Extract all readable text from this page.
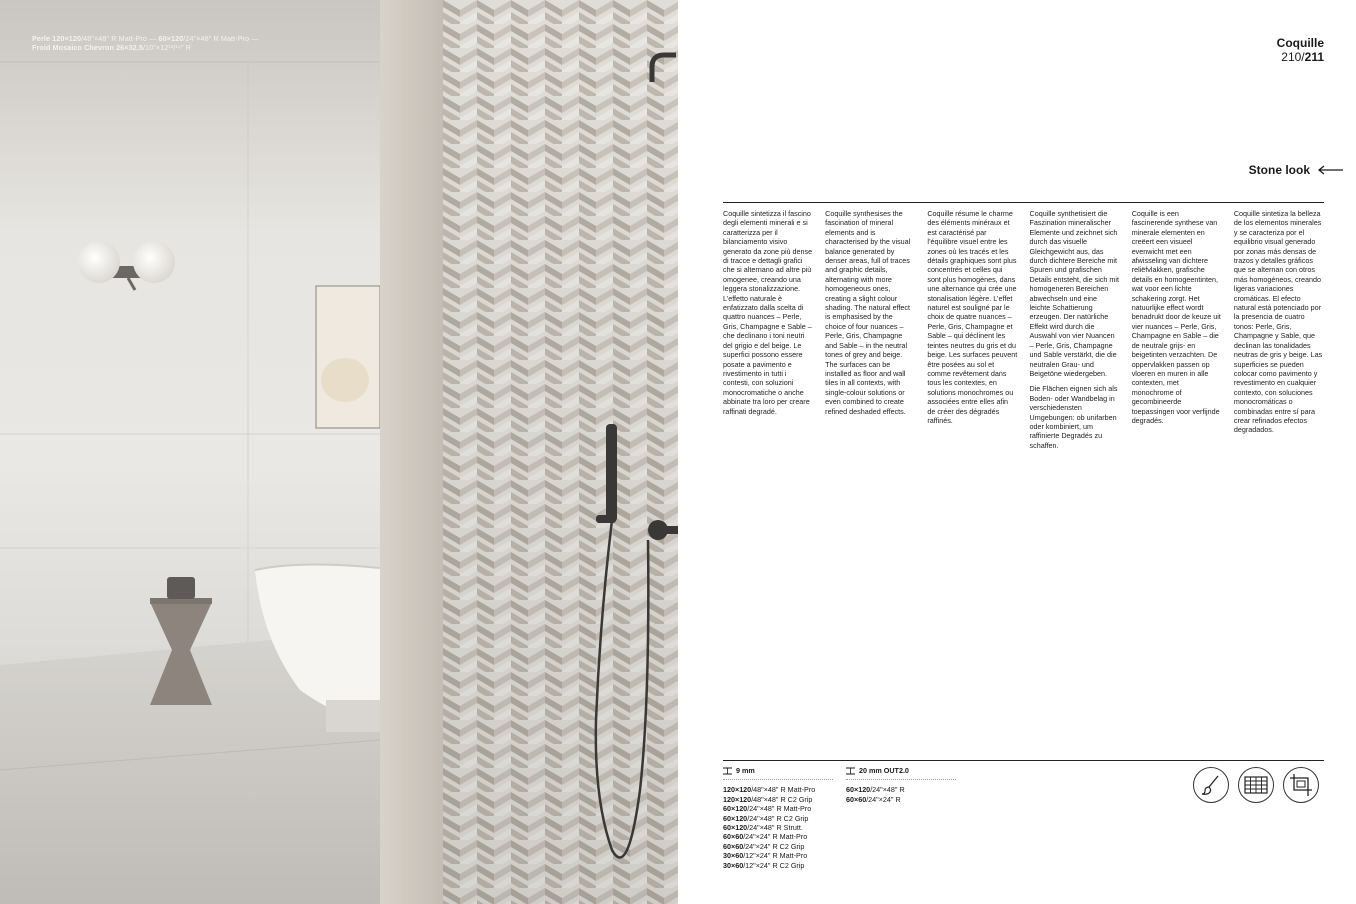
Perle 120×120/48"×48" R Matt-Pro — 60×120/24"×48" R Matt-Pro —
Froid Mosaico Chevron 26×32,5/10"×12¹³/¹⁶" R	Coquille
210/211
Stone look

Coquille sintetizza il fascino degli elementi minerali e si caratterizza per il bilanciamento visivo generato da zone più dense di tracce e dettagli grafici che si alternano ad altre più omogenee, creando una leggera stonalizzazione. L’effetto naturale è enfatizzato dalla scelta di quattro nuances – Perle, Gris, Champagne e Sable – che declinano i toni neutri del grigio e del beige. Le superfici possono essere posate a pavimento e rivestimento in tutti i contesti, con soluzioni monocromatiche o anche abbinate tra loro per creare raffinati degradé.

Coquille synthesises the fascination of mineral elements and is characterised by the visual balance generated by denser areas, full of traces and graphic details, alternating with more homogeneous ones, creating a slight colour shading. The natural effect is emphasised by the choice of four nuances – Perle, Gris, Champagne and Sable – in the neutral tones of grey and beige. The surfaces can be installed as floor and wall tiles in all contexts, with single-colour solutions or even combined to create refined deshaded effects.

Coquille résume le charme des éléments minéraux et est caractérisé par l’équilibre visuel entre les zones où les tracés et les détails graphiques sont plus concentrés et celles qui sont plus homogènes, dans une alternance qui crée une stonalisation légère. L’effet naturel est souligné par le choix de quatre nuances – Perle, Gris, Champagne et Sable – qui déclinent les teintes neutres du gris et du beige. Les surfaces peuvent être posées au sol et comme revêtement dans tous les contextes, en solutions monochromes ou associées entre elles afin de créer des dégradés raffinés.

Coquille synthetisiert die Faszination mineralischer Elemente und zeichnet sich durch das visuelle Gleichgewicht aus, das durch dichtere Bereiche mit Spuren und grafischen Details entsteht, die sich mit homogeneren Bereichen abwechseln und eine leichte Schattierung erzeugen. Der natürliche Effekt wird durch die Auswahl von vier Nuancen – Perle, Gris, Champagne und Sable verstärkt, die die neutralen Grau- und Beigetöne wiedergeben.

Die Flächen eignen sich als Boden- oder Wandbelag in verschiedensten Umgebungen: ob unifarben oder kombiniert, um raffinierte Degradés zu schaffen.

Coquille is een fascinerende synthese van minerale elementen en creëert een visueel evenwicht met een afwisseling van dichtere reliëfvlakken, grafische details en homogeentinten, wat voor een lichte schakering zorgt. Het natuurlijke effect wordt benadrukt door de keuze uit vier nuances – Perle, Gris, Champagne en Sable – die de neutrale grijs- en beigetinten verzachten. De oppervlakken passen op vloeren en muren in alle contexten, met monochrome of gecombineerde toepassingen voor verfijnde degradés.

Coquille sintetiza la belleza de los elementos minerales y se caracteriza por el equilibrio visual generado por zonas más densas de trazos y detalles gráficos que se alternan con otros más homogéneos, creando ligeras variaciones cromáticas. El efecto natural está potenciado por la presencia de cuatro tonos: Perle, Gris, Champagne y Sable, que declinan las tonalidades neutras de gris y beige. Las superficies se pueden colocar como pavimento y revestimento en cualquier contexto, con soluciones monocromáticas o combinadas entre sí para crear refinados efectos degradados.

9 mm
120×120/48"×48" R Matt-Pro
120×120/48"×48" R C2 Grip
60×120/24"×48" R Matt-Pro
60×120/24"×48" R C2 Grip
60×120/24"×48" R Strutt.
60×60/24"×24" R Matt-Pro
60×60/24"×24" R C2 Grip
30×60/12"×24" R Matt-Pro
30×60/12"×24" R C2 Grip
20 mm OUT2.0
60×120/24"×48" R
60×60/24"×24" R
